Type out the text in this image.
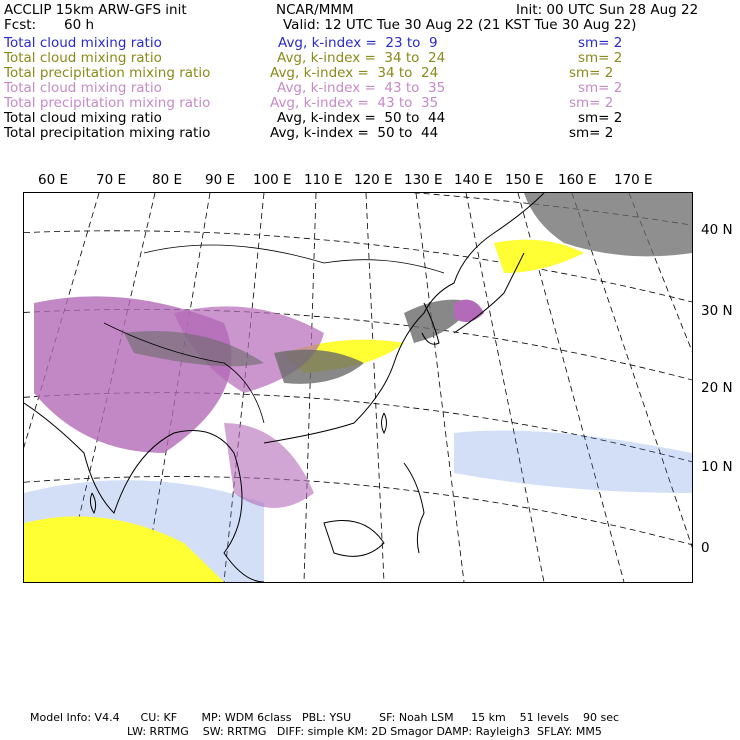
ACCLIP 15km ARW-GFS init	NCAR/MMM	Init: 00 UTC Sun 28 Aug 22
Fcst: 60 h	Valid: 12 UTC Tue 30 Aug 22 (21 KST Tue 30 Aug 22)
Total cloud mixing ratio	Avg, k-index =  23 to  9	sm= 2
Total cloud mixing ratio	Avg, k-index =  34 to  24	sm= 2
Total precipitation mixing ratio	Avg, k-index =  34 to  24	sm= 2
Total cloud mixing ratio	Avg, k-index =  43 to  35	sm= 2
Total precipitation mixing ratio	Avg, k-index =  43 to  35	sm= 2
Total cloud mixing ratio	Avg, k-index =  50 to  44	sm= 2
Total precipitation mixing ratio	Avg, k-index =  50 to  44	sm= 2
60 E 70 E 80 E 90 E 100 E 110 E 120 E 130 E 140 E 150 E 160 E 170 E
40 N
30 N
20 N
10 N
0
Model Info: V4.4      CU: KF       MP: WDM 6class   PBL: YSU        SF: Noah LSM     15 km    51 levels    90 sec
LW: RRTMG    SW: RRTMG   DIFF: simple KM: 2D Smagor DAMP: Rayleigh3  SFLAY: MM5
